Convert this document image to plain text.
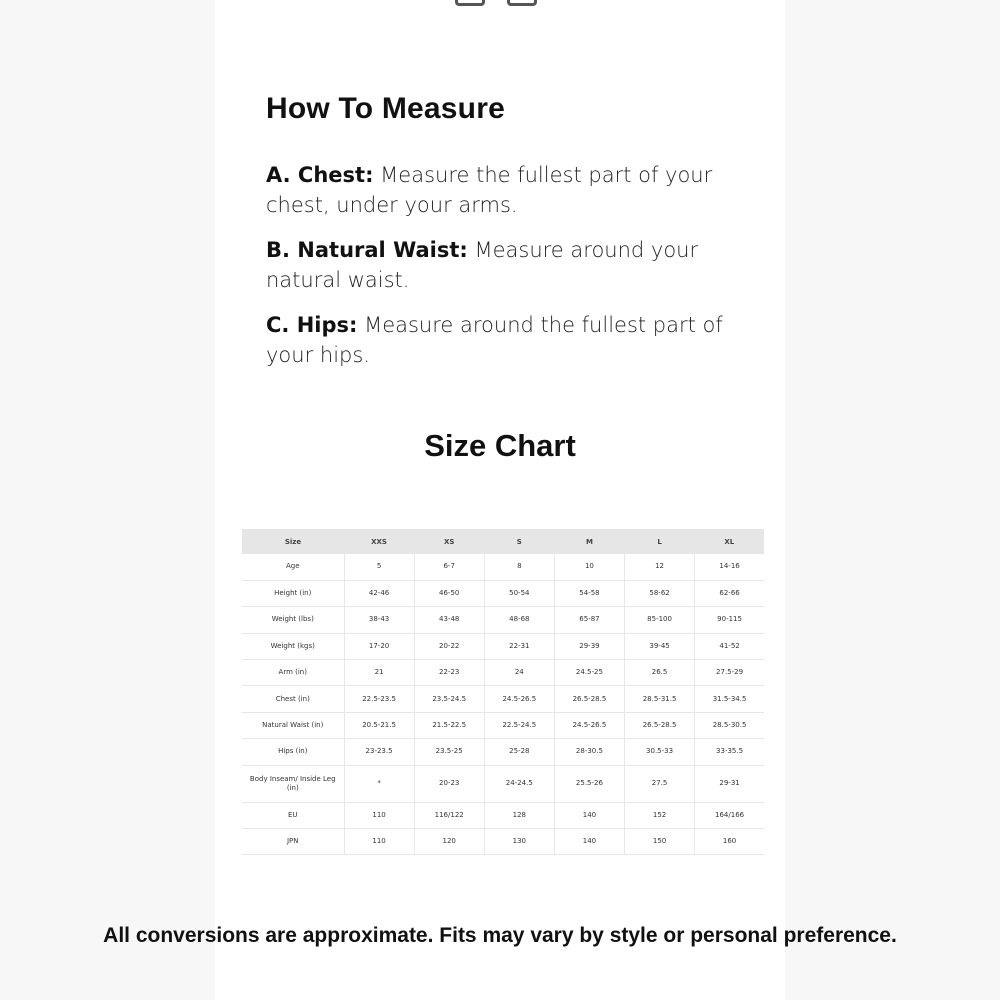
How To Measure

A. Chest: Measure the fullest part of your chest, under your arms.

B. Natural Waist: Measure around your natural waist.

C. Hips: Measure around the fullest part of your hips.

Size Chart
Size	XXS	XS	S	M	L	XL
Age	5	6-7	8	10	12	14-16
Height (in)	42-46	46-50	50-54	54-58	58-62	62-66
Weight (lbs)	38-43	43-48	48-68	65-87	85-100	90-115
Weight (kgs)	17-20	20-22	22-31	29-39	39-45	41-52
Arm (in)	21	22-23	24	24.5-25	26.5	27.5-29
Chest (in)	22.5-23.5	23.5-24.5	24.5-26.5	26.5-28.5	28.5-31.5	31.5-34.5
Natural Waist (in)	20.5-21.5	21.5-22.5	22.5-24.5	24.5-26.5	26.5-28.5	28.5-30.5
Hips (in)	23-23.5	23.5-25	25-28	28-30.5	30.5-33	33-35.5
Body Inseam/ Inside Leg (in)	*	20-23	24-24.5	25.5-26	27.5	29-31
EU	110	116/122	128	140	152	164/166
JPN	110	120	130	140	150	160

All conversions are approximate. Fits may vary by style or personal preference.
